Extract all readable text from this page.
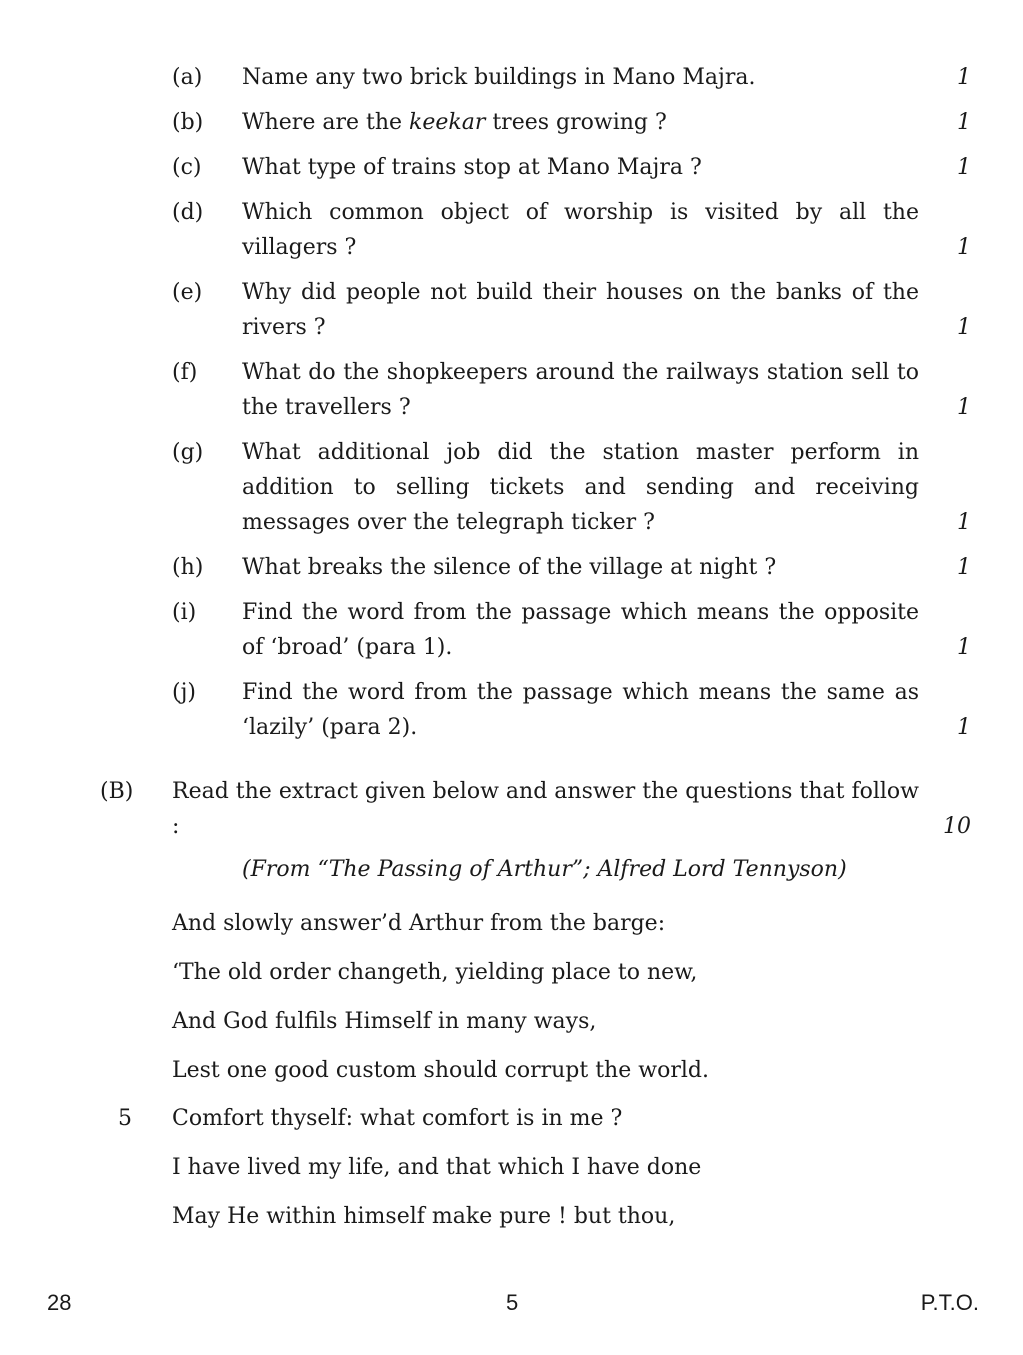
(a) Name any two brick buildings in Mano Majra.	1
(b) Where are the keekar trees growing ?	1
(c) What type of trains stop at Mano Majra ?	1
(d) Which common object of worship is visited by all the villagers ?	1
(e) Why did people not build their houses on the banks of the rivers ?	1
(f) What do the shopkeepers around the railways station sell to the travellers ?	1
(g) What additional job did the station master perform in addition to selling tickets and sending and receiving messages over the telegraph ticker ?	1
(h) What breaks the silence of the village at night ?	1
(i) Find the word from the passage which means the opposite of ‘broad’ (para 1).	1
(j) Find the word from the passage which means the same as ‘lazily’ (para 2).	1
(B) Read the extract given below and answer the questions that follow :	10
(From “The Passing of Arthur”; Alfred Lord Tennyson)
And slowly answer’d Arthur from the barge:
‘The old order changeth, yielding place to new,
And God fulfils Himself in many ways,
Lest one good custom should corrupt the world.
5 Comfort thyself: what comfort is in me ?
I have lived my life, and that which I have done
May He within himself make pure ! but thou,
28	5	P.T.O.
